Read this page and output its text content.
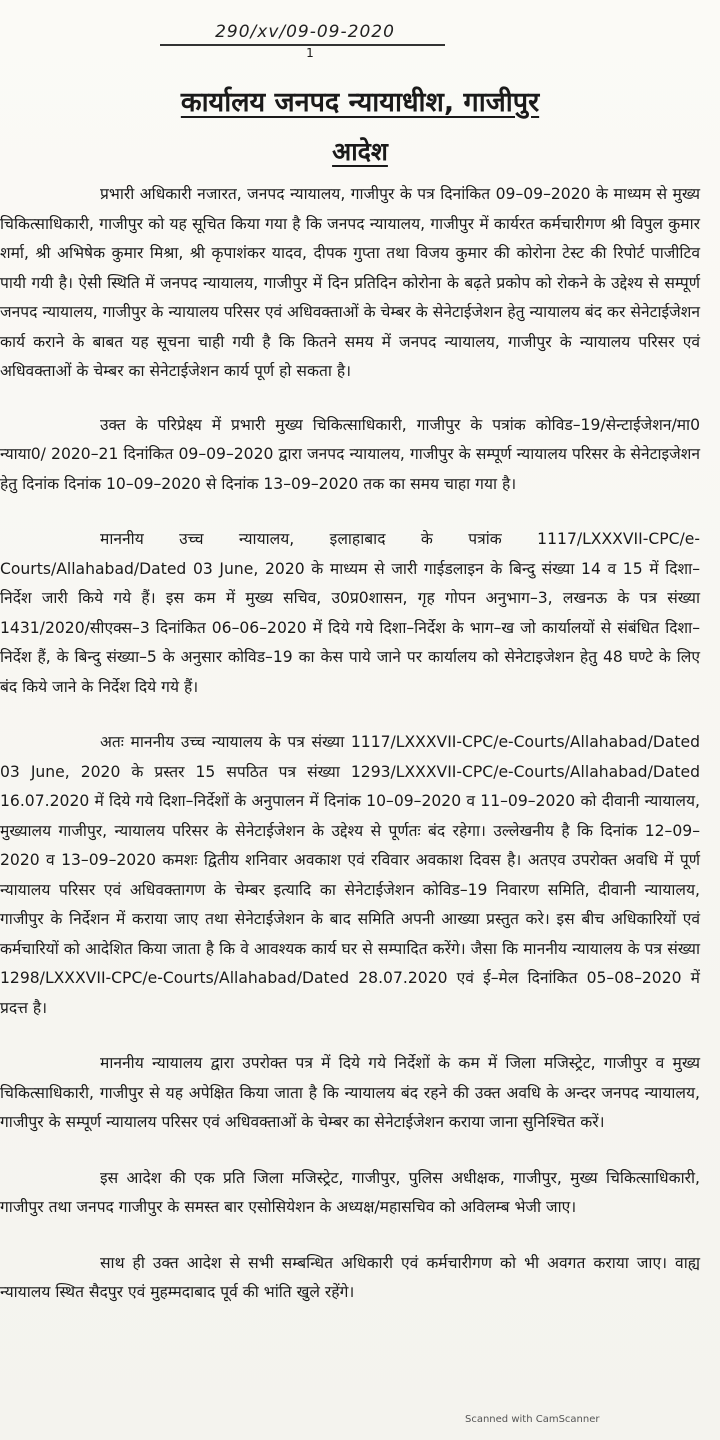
290/xv/09-09-2020
1
कार्यालय जनपद न्यायाधीश, गाजीपुर
आदेश

प्रभारी अधिकारी नजारत, जनपद न्यायालय, गाजीपुर के पत्र दिनांकित 09–09–2020 के माध्यम से मुख्य चिकित्साधिकारी, गाजीपुर को यह सूचित किया गया है कि जनपद न्यायालय, गाजीपुर में कार्यरत कर्मचारीगण श्री विपुल कुमार शर्मा, श्री अभिषेक कुमार मिश्रा, श्री कृपाशंकर यादव, दीपक गुप्ता तथा विजय कुमार की कोरोना टेस्ट की रिपोर्ट पाजीटिव पायी गयी है। ऐसी स्थिति में जनपद न्यायालय, गाजीपुर में दिन प्रतिदिन कोरोना के बढ़ते प्रकोप को रोकने के उद्देश्य से सम्पूर्ण जनपद न्यायालय, गाजीपुर के न्यायालय परिसर एवं अधिवक्ताओं के चेम्बर के सेनेटाईजेशन हेतु न्यायालय बंद कर सेनेटाईजेशन कार्य कराने के बाबत यह सूचना चाही गयी है कि कितने समय में जनपद न्यायालय, गाजीपुर के न्यायालय परिसर एवं अधिवक्ताओं के चेम्बर का सेनेटाईजेशन कार्य पूर्ण हो सकता है।

उक्त के परिप्रेक्ष्य में प्रभारी मुख्य चिकित्साधिकारी, गाजीपुर के पत्रांक कोविड–19/सेन्टाईजेशन/मा0 न्याया0/ 2020–21 दिनांकित 09–09–2020 द्वारा जनपद न्यायालय, गाजीपुर के सम्पूर्ण न्यायालय परिसर के सेनेटाइजेशन हेतु दिनांक दिनांक 10–09–2020 से दिनांक 13–09–2020 तक का समय चाहा गया है।

माननीय उच्च न्यायालय, इलाहाबाद के पत्रांक 1117/LXXXVII-CPC/e-Courts/Allahabad/Dated 03 June, 2020 के माध्यम से जारी गाईडलाइन के बिन्दु संख्या 14 व 15 में दिशा–निर्देश जारी किये गये हैं। इस कम में मुख्य सचिव, उ0प्र0शासन, गृह गोपन अनुभाग–3, लखनऊ के पत्र संख्या 1431/2020/सीएक्स–3 दिनांकित 06–06–2020 में दिये गये दिशा–निर्देश के भाग–ख जो कार्यालयों से संबंधित दिशा–निर्देश हैं, के बिन्दु संख्या–5 के अनुसार कोविड–19 का केस पाये जाने पर कार्यालय को सेनेटाइजेशन हेतु 48 घण्टे के लिए बंद किये जाने के निर्देश दिये गये हैं।

अतः माननीय उच्च न्यायालय के पत्र संख्या 1117/LXXXVII-CPC/e-Courts/Allahabad/Dated 03 June, 2020 के प्रस्तर 15 सपठित पत्र संख्या 1293/LXXXVII-CPC/e-Courts/Allahabad/Dated 16.07.2020 में दिये गये दिशा–निर्देशों के अनुपालन में दिनांक 10–09–2020 व 11–09–2020 को दीवानी न्यायालय, मुख्यालय गाजीपुर, न्यायालय परिसर के सेनेटाईजेशन के उद्देश्य से पूर्णतः बंद रहेगा। उल्लेखनीय है कि दिनांक 12–09–2020 व 13–09–2020 कमशः द्वितीय शनिवार अवकाश एवं रविवार अवकाश दिवस है। अतएव उपरोक्त अवधि में पूर्ण न्यायालय परिसर एवं अधिवक्तागण के चेम्बर इत्यादि का सेनेटाईजेशन कोविड–19 निवारण समिति, दीवानी न्यायालय, गाजीपुर के निर्देशन में कराया जाए तथा सेनेटाईजेशन के बाद समिति अपनी आख्या प्रस्तुत करे। इस बीच अधिकारियों एवं कर्मचारियों को आदेशित किया जाता है कि वे आवश्यक कार्य घर से सम्पादित करेंगे। जैसा कि माननीय न्यायालय के पत्र संख्या 1298/LXXXVII-CPC/e-Courts/Allahabad/Dated 28.07.2020 एवं ई–मेल दिनांकित 05–08–2020 में प्रदत्त है।

माननीय न्यायालय द्वारा उपरोक्त पत्र में दिये गये निर्देशों के कम में जिला मजिस्ट्रेट, गाजीपुर व मुख्य चिकित्साधिकारी, गाजीपुर से यह अपेक्षित किया जाता है कि न्यायालय बंद रहने की उक्त अवधि के अन्दर जनपद न्यायालय, गाजीपुर के सम्पूर्ण न्यायालय परिसर एवं अधिवक्ताओं के चेम्बर का सेनेटाईजेशन कराया जाना सुनिश्चित करें।

इस आदेश की एक प्रति जिला मजिस्ट्रेट, गाजीपुर, पुलिस अधीक्षक, गाजीपुर, मुख्य चिकित्साधिकारी, गाजीपुर तथा जनपद गाजीपुर के समस्त बार एसोसियेशन के अध्यक्ष/महासचिव को अविलम्ब भेजी जाए।

साथ ही उक्त आदेश से सभी सम्बन्धित अधिकारी एवं कर्मचारीगण को भी अवगत कराया जाए। वाह्य न्यायालय स्थित सैदपुर एवं मुहम्मदाबाद पूर्व की भांति खुले रहेंगे।

Scanned with CamScanner
